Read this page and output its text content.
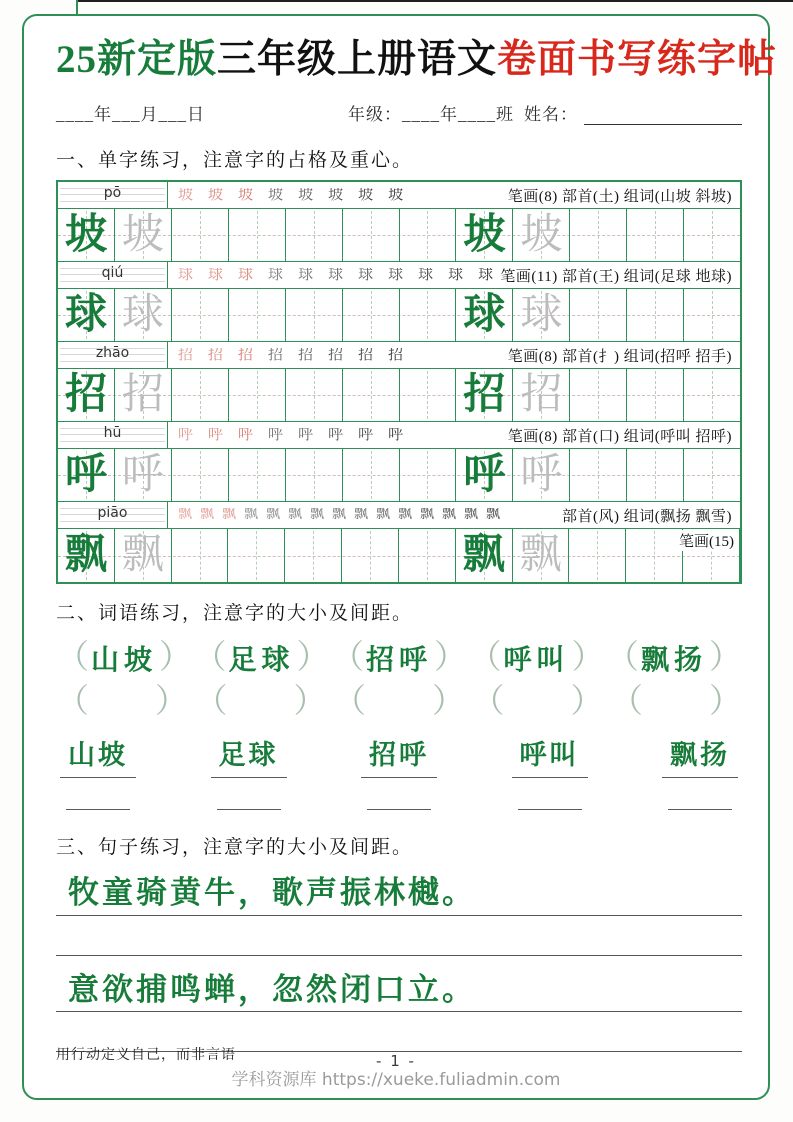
25新定版三年级上册语文卷面书写练字帖
____年___月___日	年级：____年____班 姓名：
一、单字练习，注意字的占格及重心。
pō	坡 坡 坡 坡 坡 坡 坡 坡	笔画(8) 部首(土) 组词(山坡 斜坡)
坡 坡	坡 坡
qiú	球 球 球 球 球 球 球 球 球 球 球 笔画(11) 部首(王) 组词(足球 地球)
球 球	球 球
zhāo	招 招 招 招 招 招 招 招	笔画(8) 部首(扌) 组词(招呼 招手)
招 招	招 招
hū	呼 呼 呼 呼 呼 呼 呼 呼	笔画(8) 部首(口) 组词(呼叫 招呼)
呼 呼	呼 呼
piāo	飘 飘 飘 飘 飘 飘 飘 飘 飘 飘 飘 飘 飘 飘 飘	部首(风) 组词(飘扬 飘雪)
飘 飘	飘 飘	笔画(15)
二、词语练习，注意字的大小及间距。
（ 山坡 ） （ 足球 ） （ 招呼 ） （ 呼叫 ） （ 飘扬 ）
（ ） （ ） （ ） （ ） （ ）
山坡	足球	招呼	呼叫	飘扬
三、句子练习，注意字的大小及间距。
牧童骑黄牛，歌声振林樾。
意欲捕鸣蝉，忽然闭口立。
用行动定义自己，而非言语	- 1 -
学科资源库 https://xueke.fuliadmin.com
